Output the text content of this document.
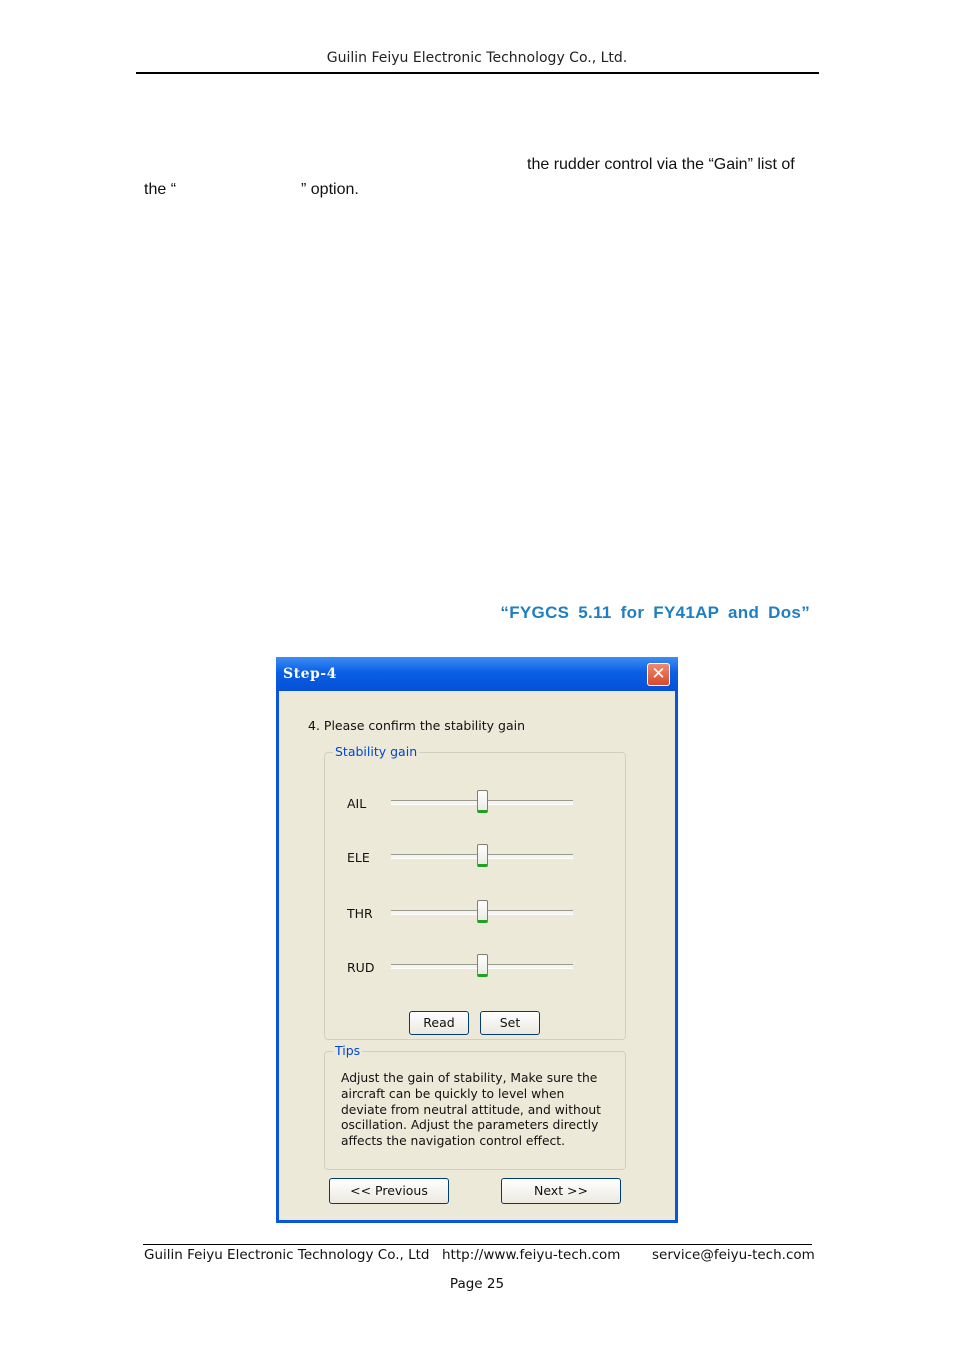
Guilin Feiyu Electronic Technology Co., Ltd.
the rudder control via the “Gain” list of
the “	” option.
“FYGCS 5.11 for FY41AP and Dos”
Step-4	✕
4. Please confirm the stability gain
Stability gain
AIL
ELE
THR
RUD
Read	Set
Tips
Adjust the gain of stability, Make sure the aircraft can be quickly to level when deviate from neutral attitude, and without oscillation. Adjust the parameters directly affects the navigation control effect.
<< Previous	Next >>
Guilin Feiyu Electronic Technology Co., Ltd http://www.feiyu-tech.com service@feiyu-tech.com
Page 25
